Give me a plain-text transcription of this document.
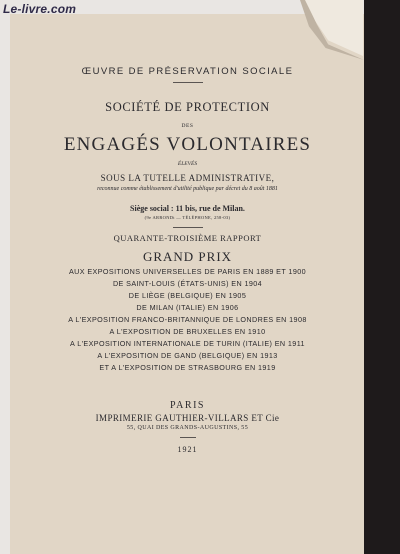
Le-livre.com
ŒUVRE DE PRÉSERVATION SOCIALE
SOCIÉTÉ DE PROTECTION
DES
ENGAGÉS VOLONTAIRES
ÉLEVÉS
SOUS LA TUTELLE ADMINISTRATIVE,
reconnue comme établissement d'utilité publique par décret du 8 août 1881
Siège social : 11 bis, rue de Milan.
(9e ARRONDt — TÉLÉPHONE, 258-03)
QUARANTE-TROISIÈME RAPPORT
GRAND PRIX
AUX EXPOSITIONS UNIVERSELLES DE PARIS EN 1889 ET 1900
DE SAINT-LOUIS (ÉTATS-UNIS) EN 1904
DE LIÈGE (BELGIQUE) EN 1905
DE MILAN (ITALIE) EN 1906
A L'EXPOSITION FRANCO-BRITANNIQUE DE LONDRES EN 1908
A L'EXPOSITION DE BRUXELLES EN 1910
A L'EXPOSITION INTERNATIONALE DE TURIN (ITALIE) EN 1911
A L'EXPOSITION DE GAND (BELGIQUE) EN 1913
ET A L'EXPOSITION DE STRASBOURG EN 1919
PARIS
IMPRIMERIE GAUTHIER-VILLARS ET Cie
55, QUAI DES GRANDS-AUGUSTINS, 55
1921
